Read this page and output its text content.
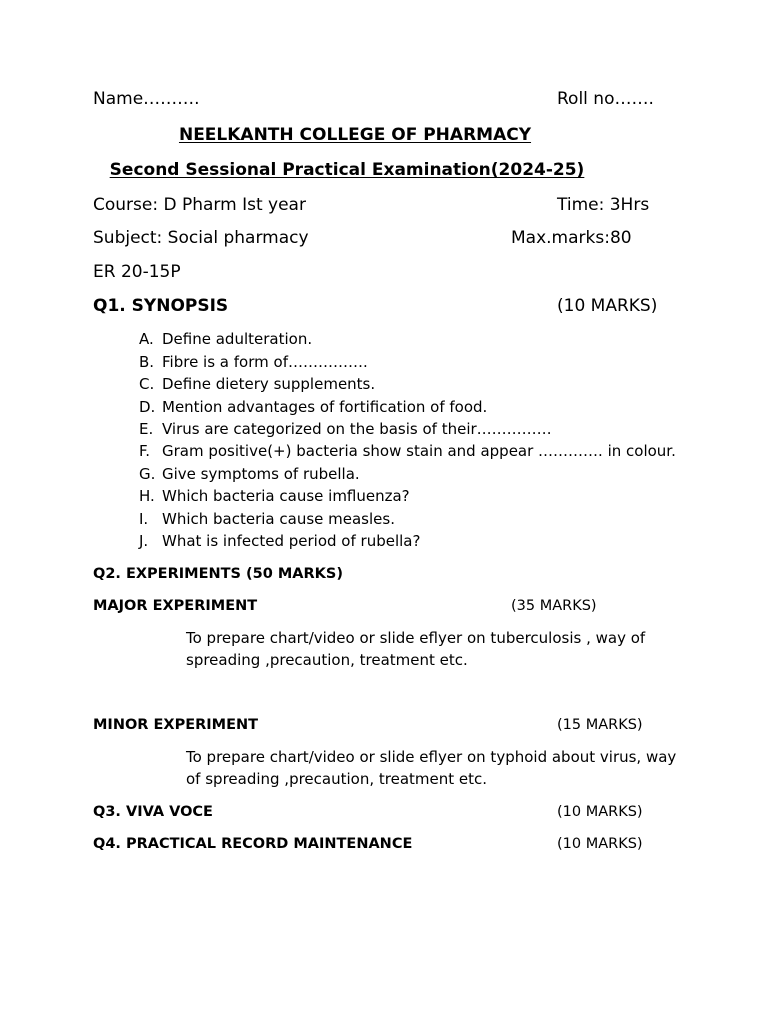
Name……….	Roll no…….
NEELKANTH COLLEGE OF PHARMACY
Second Sessional Practical Examination(2024-25)
Course: D Pharm Ist year	Time: 3Hrs
Subject: Social pharmacy	Max.marks:80
ER 20-15P
Q1. SYNOPSIS	(10 MARKS)
A. Define adulteration.
B. Fibre is a form of…………….
C. Define dietery supplements.
D. Mention advantages of fortification of food.
E. Virus are categorized on the basis of their……………
F. Gram positive(+) bacteria show stain and appear …………. in colour.
G. Give symptoms of rubella.
H. Which bacteria cause imfluenza?
I. Which bacteria cause measles.
J. What is infected period of rubella?
Q2. EXPERIMENTS (50 MARKS)
MAJOR EXPERIMENT	(35 MARKS)
To prepare chart/video or slide eflyer on tuberculosis , way of spreading ,precaution, treatment etc.
MINOR EXPERIMENT	(15 MARKS)
To prepare chart/video or slide eflyer on typhoid about virus, way of spreading ,precaution, treatment etc.
Q3. VIVA VOCE	(10 MARKS)
Q4. PRACTICAL RECORD MAINTENANCE	(10 MARKS)
